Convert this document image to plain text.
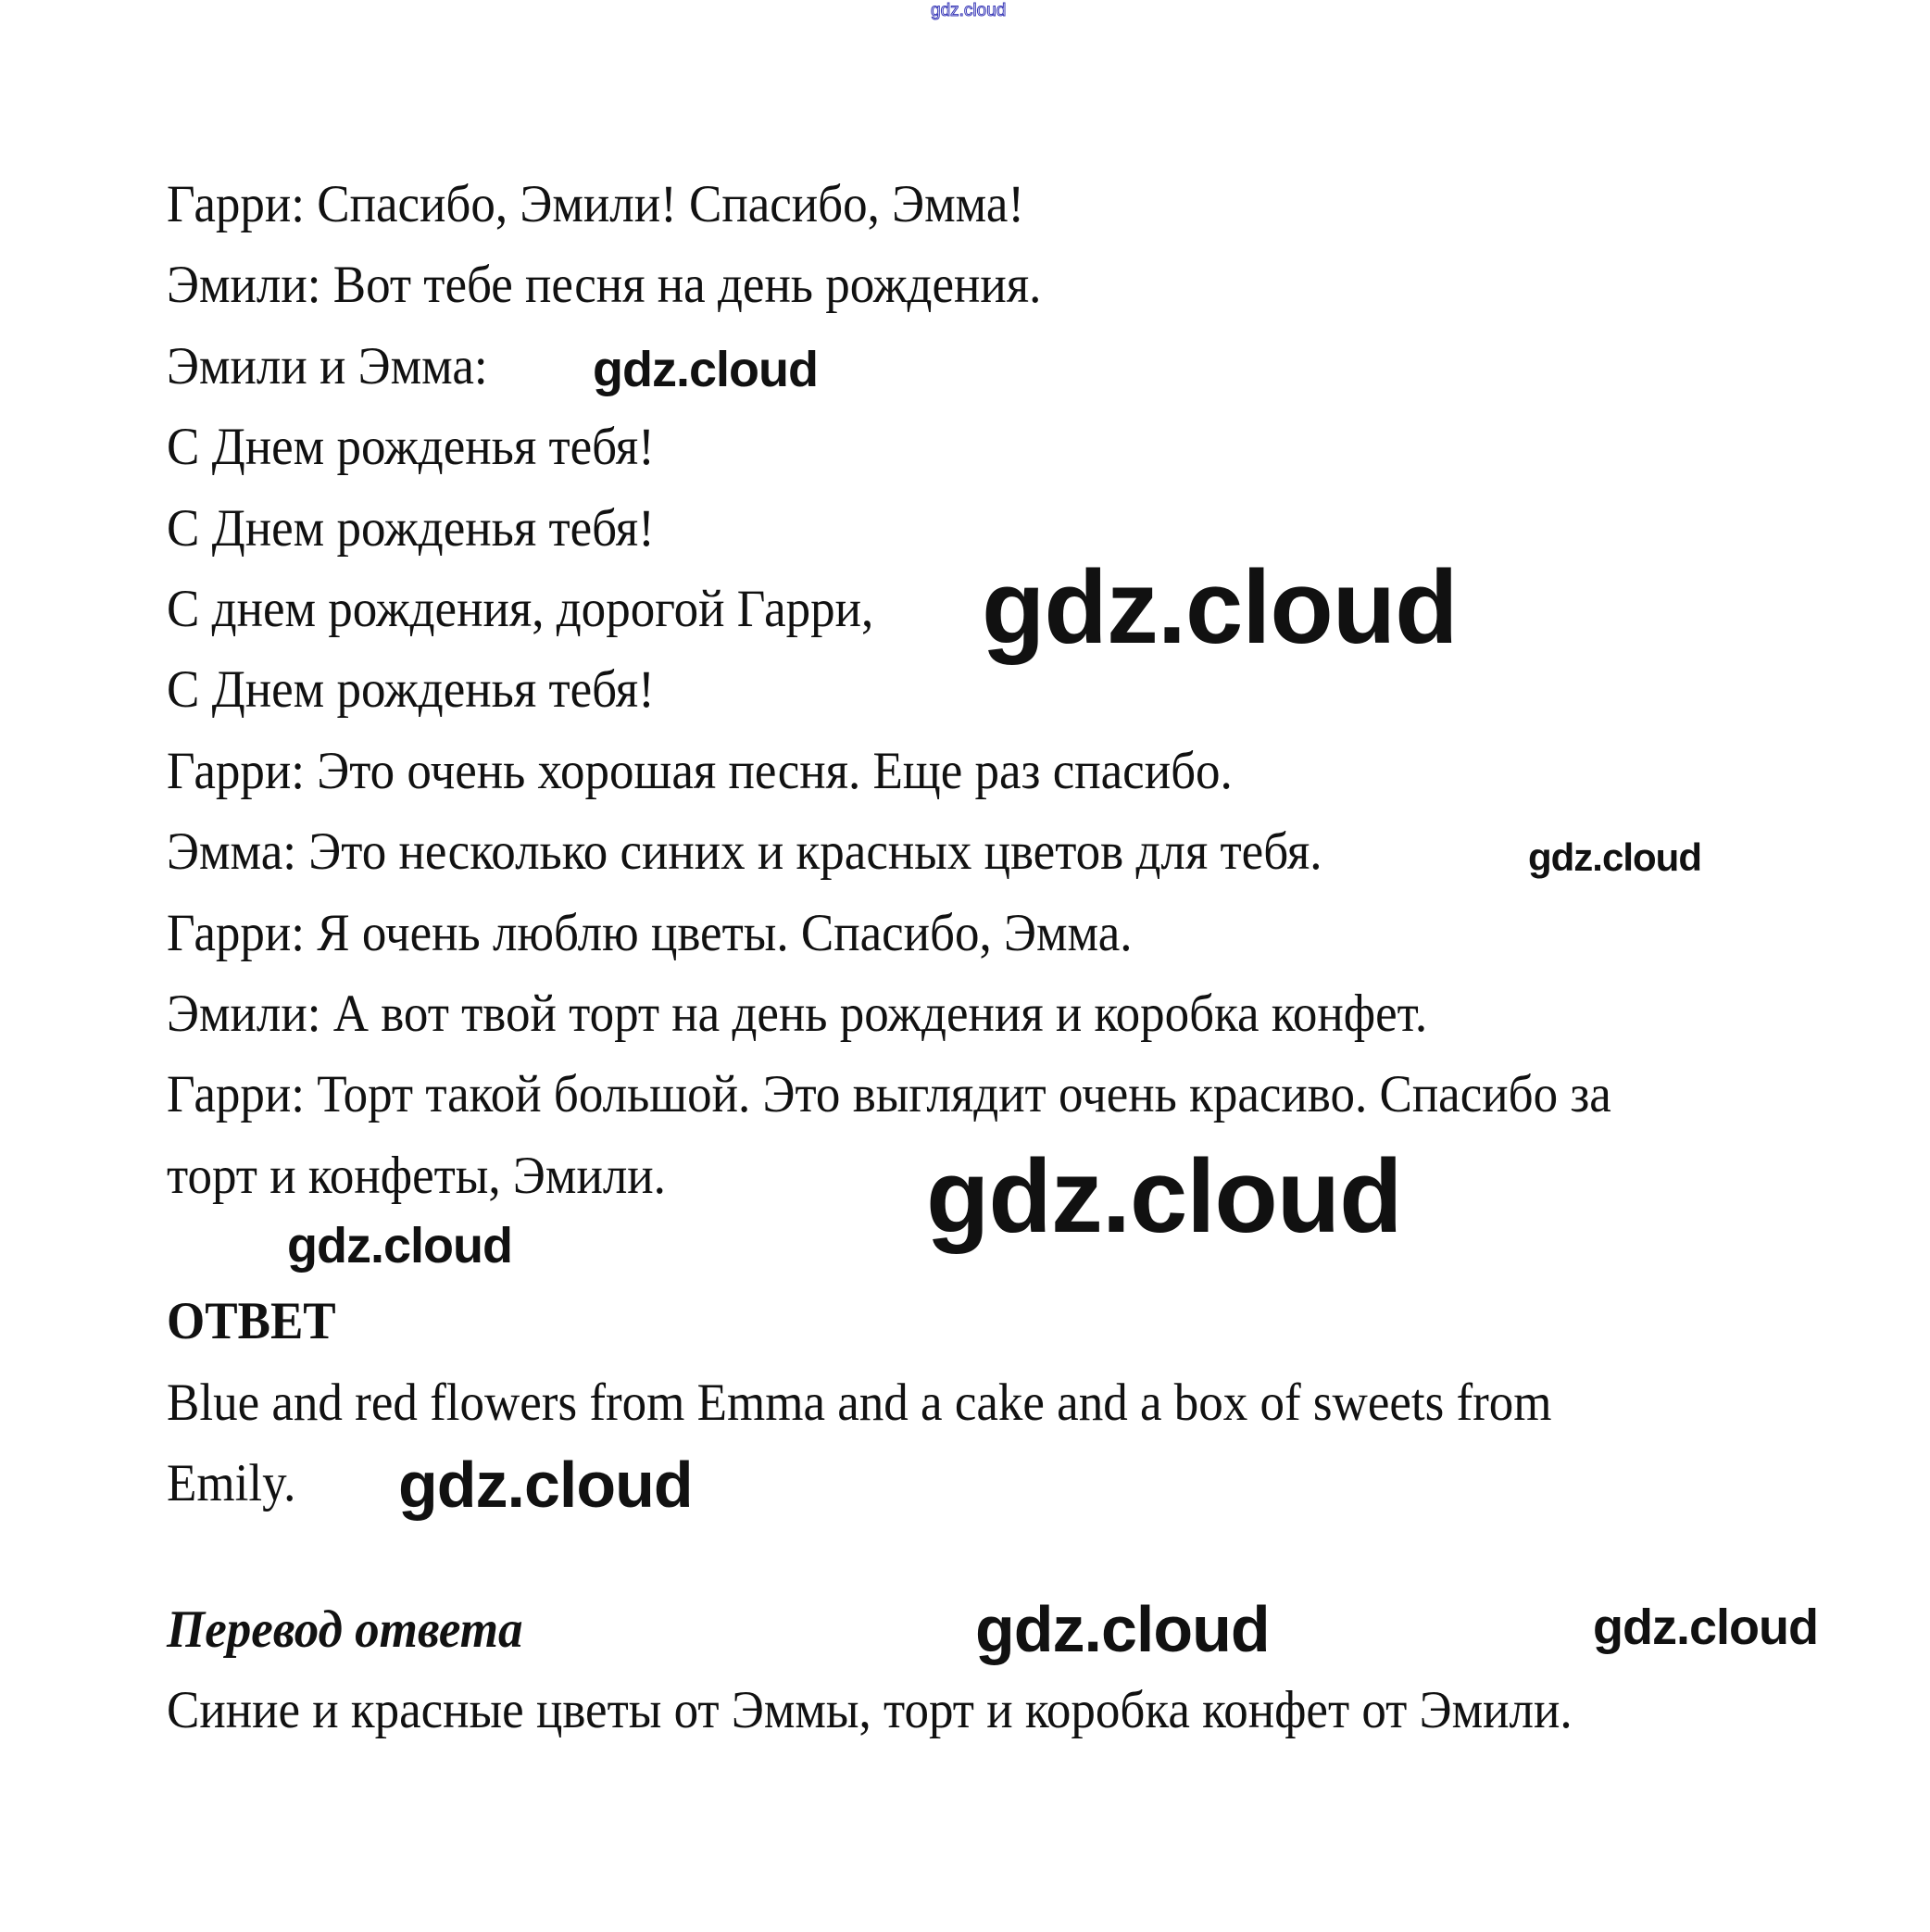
gdz.cloud
Гарри: Спасибо, Эмили! Спасибо, Эмма!
Эмили: Вот тебе песня на день рождения.
Эмили и Эмма:
С Днем рожденья тебя!
С Днем рожденья тебя!
С днем рождения, дорогой Гарри,
С Днем рожденья тебя!
Гарри: Это очень хорошая песня. Еще раз спасибо.
Эмма: Это несколько синих и красных цветов для тебя.
Гарри: Я очень люблю цветы. Спасибо, Эмма.
Эмили: А вот твой торт на день рождения и коробка конфет.
Гарри: Торт такой большой. Это выглядит очень красиво. Спасибо за
торт и конфеты, Эмили.
ОТВЕТ
Blue and red flowers from Emma and a cake and a box of sweets from
Emily.
Перевод ответа
Синие и красные цветы от Эммы, торт и коробка конфет от Эмили.
gdz.cloud
gdz.cloud
gdz.cloud
gdz.cloud
gdz.cloud
gdz.cloud
gdz.cloud	gdz.cloud
